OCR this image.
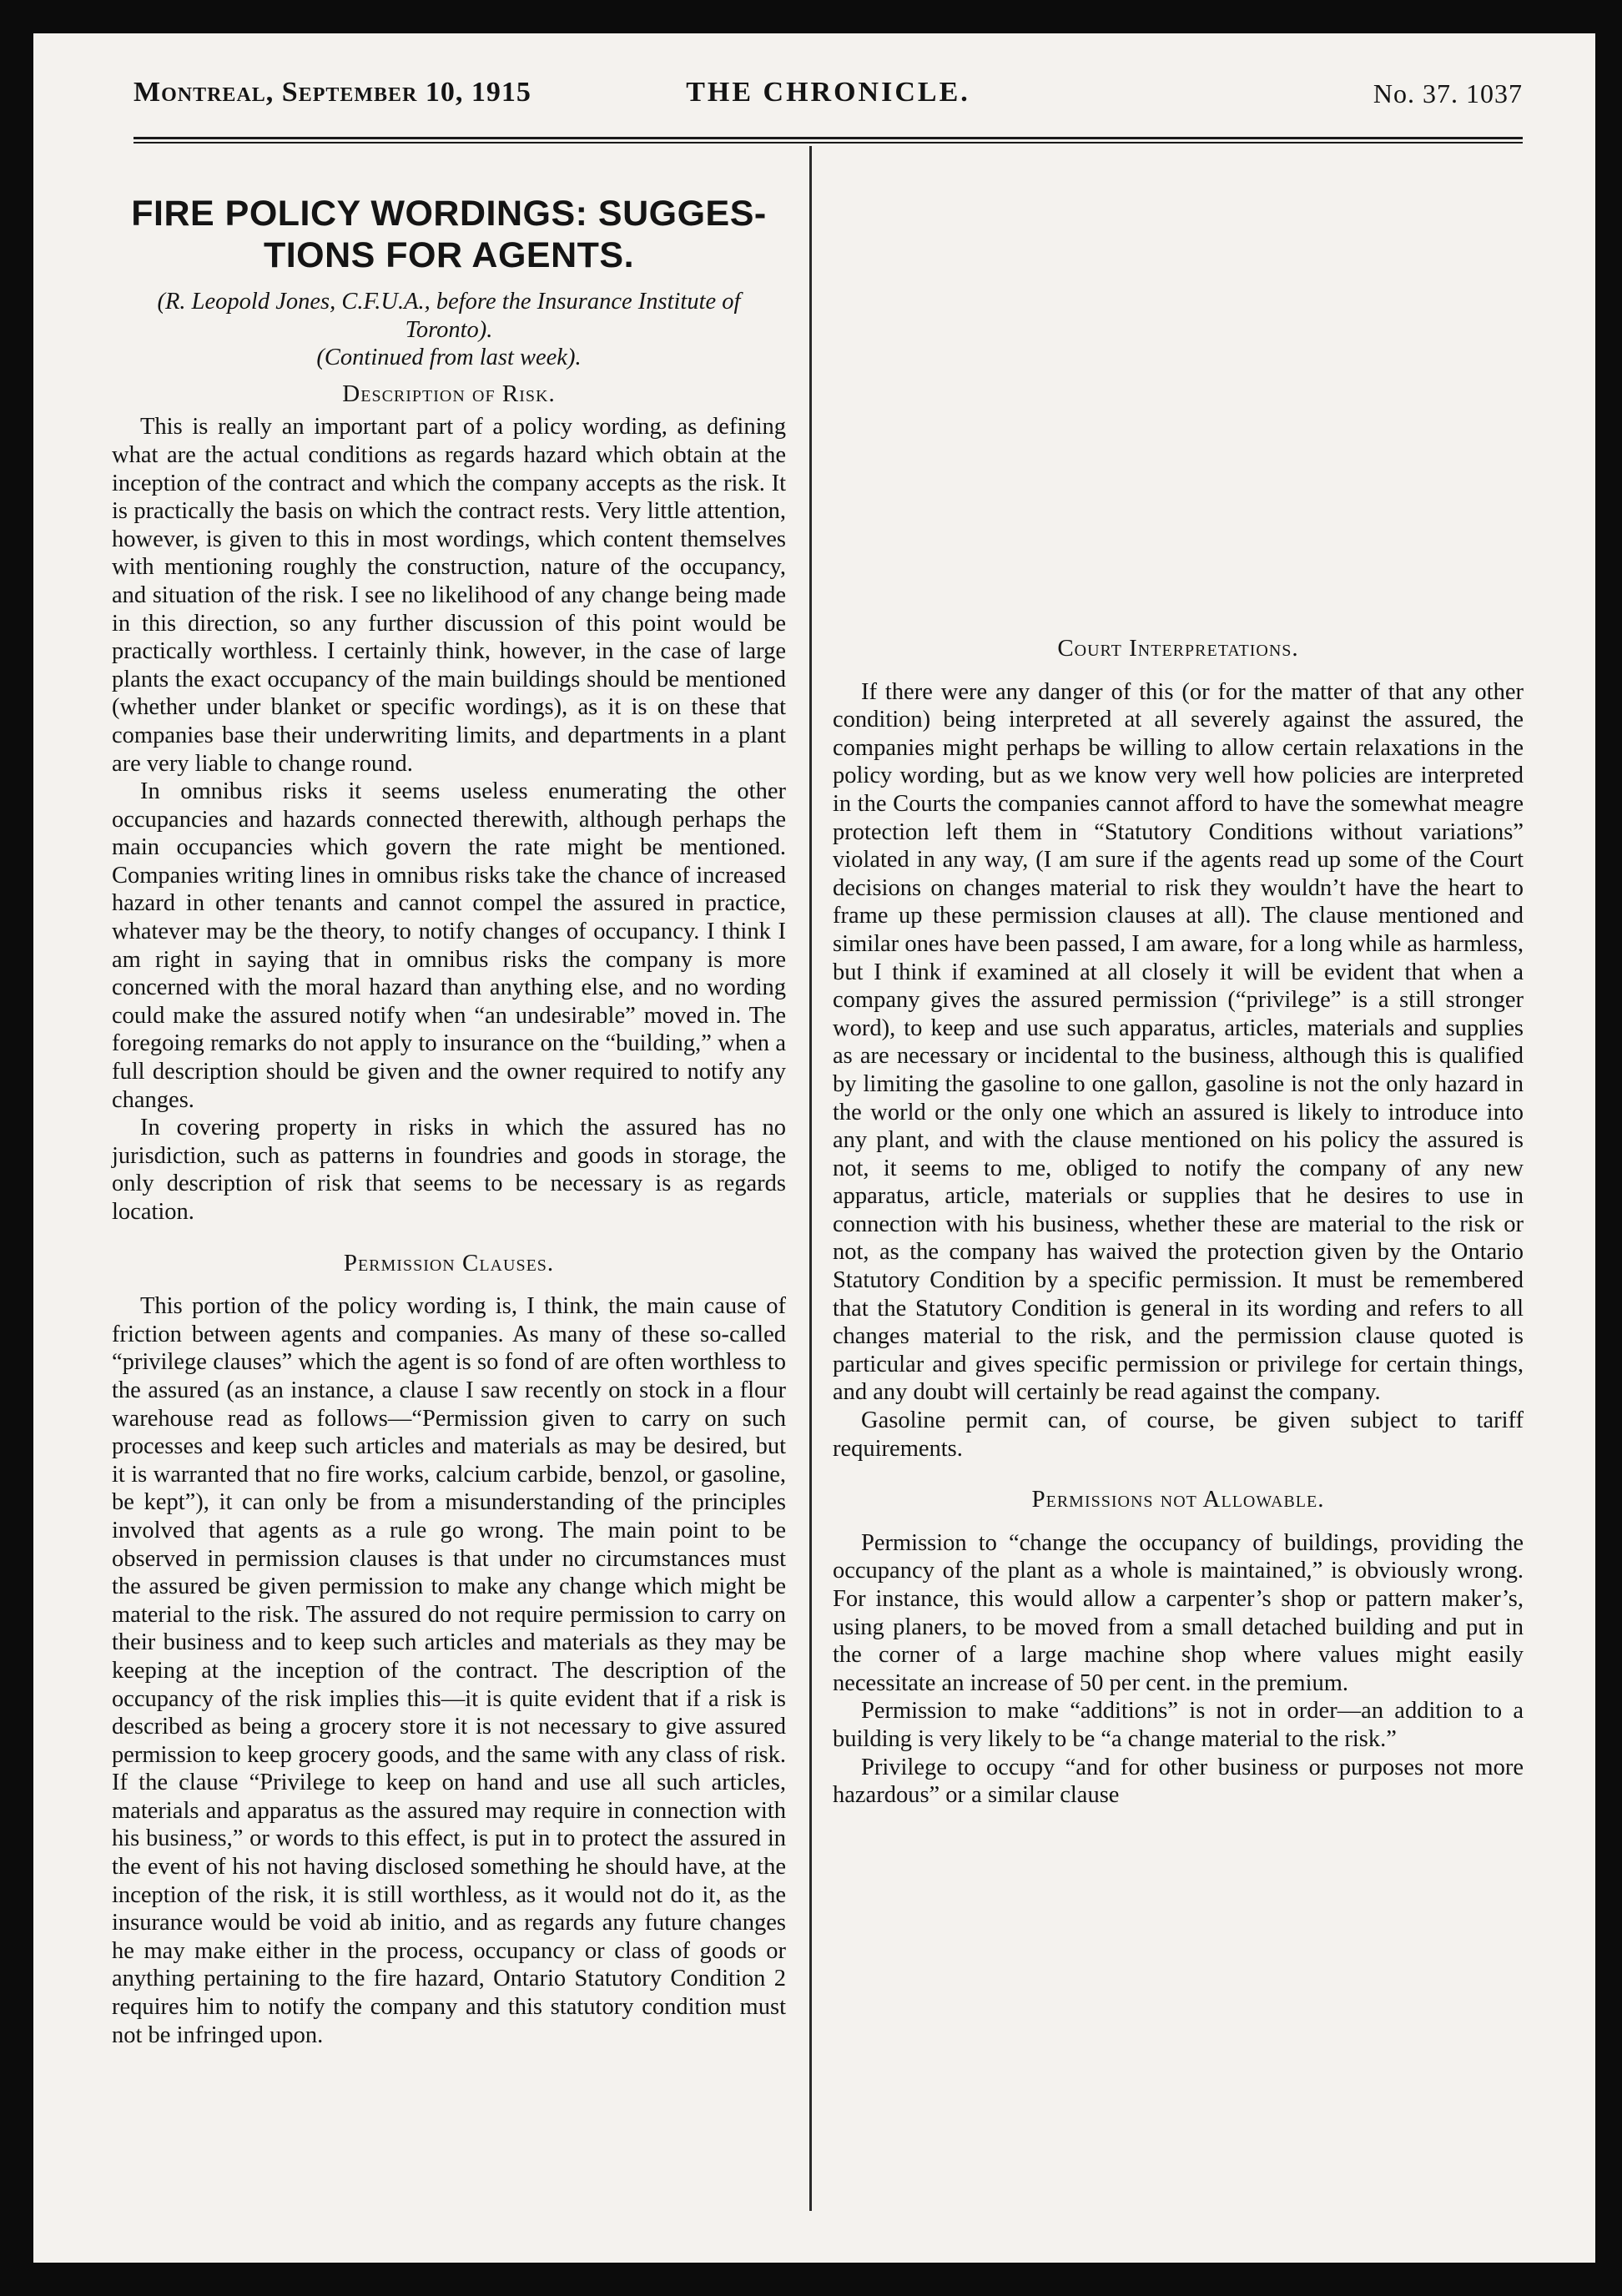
Montreal, September 10, 1915	THE CHRONICLE.	No. 37. 1037
FIRE POLICY WORDINGS: SUGGES-
TIONS FOR AGENTS.

(R. Leopold Jones, C.F.U.A., before the Insurance Institute of Toronto).

(Continued from last week).

Description of Risk.

This is really an important part of a policy wording, as defining what are the actual conditions as regards hazard which obtain at the inception of the contract and which the company accepts as the risk. It is practically the basis on which the contract rests. Very little attention, however, is given to this in most wordings, which content themselves with mentioning roughly the construction, nature of the occupancy, and situation of the risk. I see no likelihood of any change being made in this direction, so any further discussion of this point would be practically worthless. I certainly think, however, in the case of large plants the exact occupancy of the main buildings should be mentioned (whether under blanket or specific wordings), as it is on these that companies base their underwriting limits, and departments in a plant are very liable to change round.

In omnibus risks it seems useless enumerating the other occupancies and hazards connected therewith, although perhaps the main occupancies which govern the rate might be mentioned. Companies writing lines in omnibus risks take the chance of increased hazard in other tenants and cannot compel the assured in practice, whatever may be the theory, to notify changes of occupancy. I think I am right in saying that in omnibus risks the company is more concerned with the moral hazard than anything else, and no wording could make the assured notify when “an undesirable” moved in. The foregoing remarks do not apply to insurance on the “building,” when a full description should be given and the owner required to notify any changes.

In covering property in risks in which the assured has no jurisdiction, such as patterns in foundries and goods in storage, the only description of risk that seems to be necessary is as regards location.

Permission Clauses.

This portion of the policy wording is, I think, the main cause of friction between agents and companies. As many of these so-called “privilege clauses” which the agent is so fond of are often worthless to the assured (as an instance, a clause I saw recently on stock in a flour warehouse read as follows—“Permission given to carry on such processes and keep such articles and materials as may be desired, but it is warranted that no fire works, calcium carbide, benzol, or gasoline, be kept”), it can only be from a misunderstanding of the principles involved that agents as a rule go wrong. The main point to be observed in permission clauses is that under no circumstances must the assured be given permission to make any change which might be material to the risk. The assured do not require permission to carry on their business and to keep such articles and materials as they may be keeping at the inception of the contract. The description of the occupancy of the risk implies this—it is quite evident that if a risk is described as being a grocery store it is not necessary to give assured permission to keep grocery goods, and the same with any class of risk. If the clause “Privilege to keep on hand and use all such articles, materials and apparatus as the assured may require in connection with his business,” or words to this effect, is put in to protect the assured in the event of his not having disclosed something he should have, at the inception of the risk, it is still worthless, as it would not do it, as the insurance would be void ab initio, and as regards any future changes he may make either in the process, occupancy or class of goods or anything pertaining to the fire hazard, Ontario Statutory Condition 2 requires him to notify the company and this statutory condition must not be infringed upon.

Court Interpretations.

If there were any danger of this (or for the matter of that any other condition) being interpreted at all severely against the assured, the companies might perhaps be willing to allow certain relaxations in the policy wording, but as we know very well how policies are interpreted in the Courts the companies cannot afford to have the somewhat meagre protection left them in “Statutory Conditions without variations” violated in any way, (I am sure if the agents read up some of the Court decisions on changes material to risk they wouldn’t have the heart to frame up these permission clauses at all). The clause mentioned and similar ones have been passed, I am aware, for a long while as harmless, but I think if examined at all closely it will be evident that when a company gives the assured permission (“privilege” is a still stronger word), to keep and use such apparatus, articles, materials and supplies as are necessary or incidental to the business, although this is qualified by limiting the gasoline to one gallon, gasoline is not the only hazard in the world or the only one which an assured is likely to introduce into any plant, and with the clause mentioned on his policy the assured is not, it seems to me, obliged to notify the company of any new apparatus, article, materials or supplies that he desires to use in connection with his business, whether these are material to the risk or not, as the company has waived the protection given by the Ontario Statutory Condition by a specific permission. It must be remembered that the Statutory Condition is general in its wording and refers to all changes material to the risk, and the permission clause quoted is particular and gives specific permission or privilege for certain things, and any doubt will certainly be read against the company.

Gasoline permit can, of course, be given subject to tariff requirements.

Permissions not Allowable.

Permission to “change the occupancy of buildings, providing the occupancy of the plant as a whole is maintained,” is obviously wrong. For instance, this would allow a carpenter’s shop or pattern maker’s, using planers, to be moved from a small detached building and put in the corner of a large machine shop where values might easily necessitate an increase of 50 per cent. in the premium.

Permission to make “additions” is not in order—an addition to a building is very likely to be “a change material to the risk.”

Privilege to occupy “and for other business or purposes not more hazardous” or a similar clause
